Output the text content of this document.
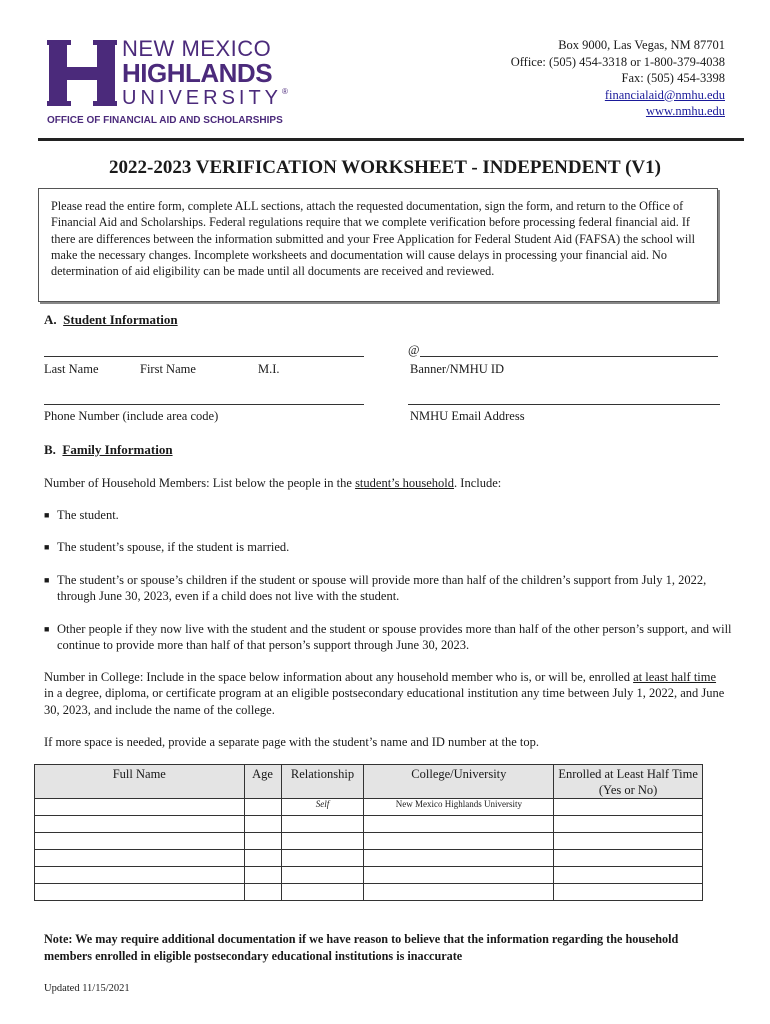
NEW MEXICO
HIGHLANDS
UNIVERSITY®
OFFICE OF FINANCIAL AID AND SCHOLARSHIPS
Box 9000, Las Vegas, NM 87701
Office: (505) 454-3318 or 1-800-379-4038
Fax: (505) 454-3398
financialaid@nmhu.edu
www.nmhu.edu
2022-2023 VERIFICATION WORKSHEET - INDEPENDENT (V1)
Please read the entire form, complete ALL sections, attach the requested documentation, sign the form, and return to the Office of Financial Aid and Scholarships. Federal regulations require that we complete verification before processing federal financial aid. If there are differences between the information submitted and your Free Application for Federal Student Aid (FAFSA) the school will make the necessary changes. Incomplete worksheets and documentation will cause delays in processing your financial aid. No determination of aid eligibility can be made until all documents are received and reviewed.
A. Student Information
Last Name	First Name	M.I.
@
Banner/NMHU ID
Phone Number (include area code)	NMHU Email Address
B. Family Information
Number of Household Members: List below the people in the student’s household. Include:
■ The student.
■ The student’s spouse, if the student is married.
■ The student’s or spouse’s children if the student or spouse will provide more than half of the children’s support from July 1, 2022, through June 30, 2023, even if a child does not live with the student.
■ Other people if they now live with the student and the student or spouse provides more than half of the other person’s support, and will continue to provide more than half of that person’s support through June 30, 2023.
Number in College: Include in the space below information about any household member who is, or will be, enrolled at least half time in a degree, diploma, or certificate program at an eligible postsecondary educational institution any time between July 1, 2022, and June 30, 2023, and include the name of the college.
If more space is needed, provide a separate page with the student’s name and ID number at the top.
Full Name	Age	Relationship	College/University	Enrolled at Least Half Time (Yes or No)
		Self	New Mexico Highlands University	

Note: We may require additional documentation if we have reason to believe that the information regarding the household members enrolled in eligible postsecondary educational institutions is inaccurate
Updated 11/15/2021
